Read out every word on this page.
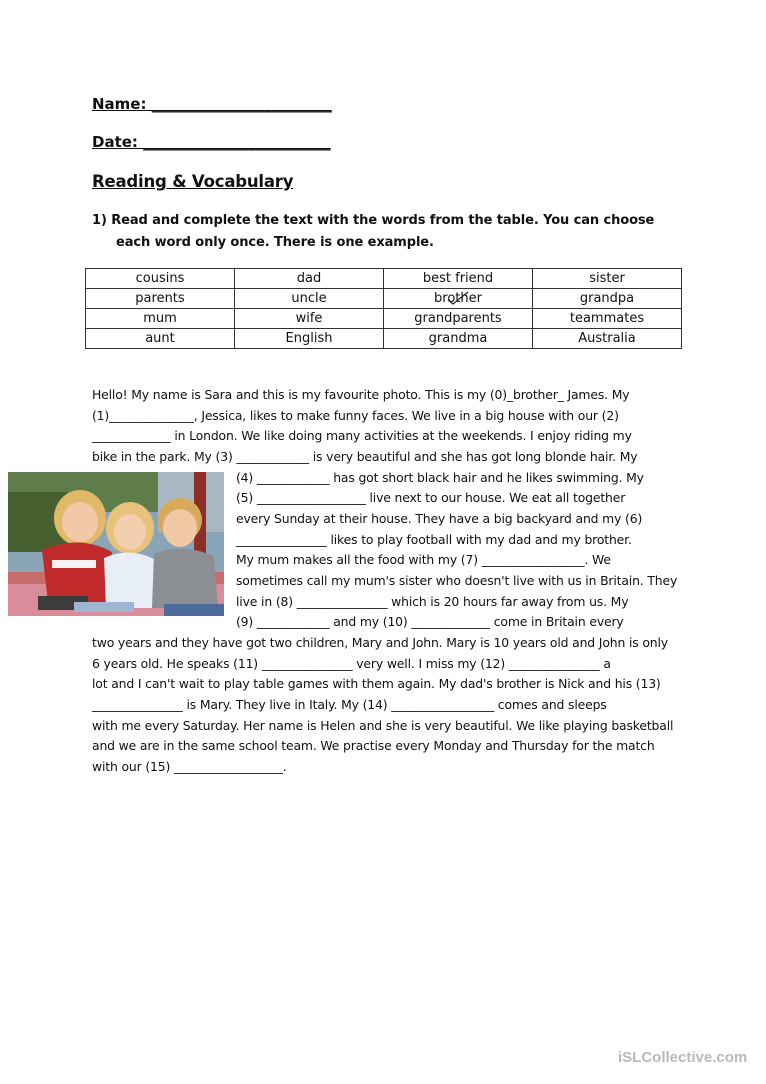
Name: ________________________
Date: _________________________
Reading & Vocabulary
1) Read and complete the text with the words from the table. You can choose
each word only once. There is one example.
cousins	dad	best friend	sister
parents	uncle	brother	grandpa
mum	wife	grandparents	teammates
aunt	English	grandma	Australia
Hello! My name is Sara and this is my favourite photo. This is my (0)_brother_ James. My
(1)______________, Jessica, likes to make funny faces. We live in a big house with our (2)
_____________ in London. We like doing many activities at the weekends. I enjoy riding my
bike in the park. My (3) ____________ is very beautiful and she has got long blonde hair. My
(4) ____________ has got short black hair and he likes swimming. My
(5) __________________ live next to our house. We eat all together
every Sunday at their house. They have a big backyard and my (6)
_______________ likes to play football with my dad and my brother.
My mum makes all the food with my (7) _________________. We
sometimes call my mum's sister who doesn't live with us in Britain. They
live in (8) _______________ which is 20 hours far away from us. My
(9) ____________ and my (10) _____________ come in Britain every
two years and they have got two children, Mary and John. Mary is 10 years old and John is only
6 years old. He speaks (11) _______________ very well. I miss my (12) _______________ a
lot and I can't wait to play table games with them again. My dad's brother is Nick and his (13)
_______________ is Mary. They live in Italy. My (14) _________________ comes and sleeps
with me every Saturday. Her name is Helen and she is very beautiful. We like playing basketball
and we are in the same school team. We practise every Monday and Thursday for the match
with our (15) __________________.
iSLCollective.com
